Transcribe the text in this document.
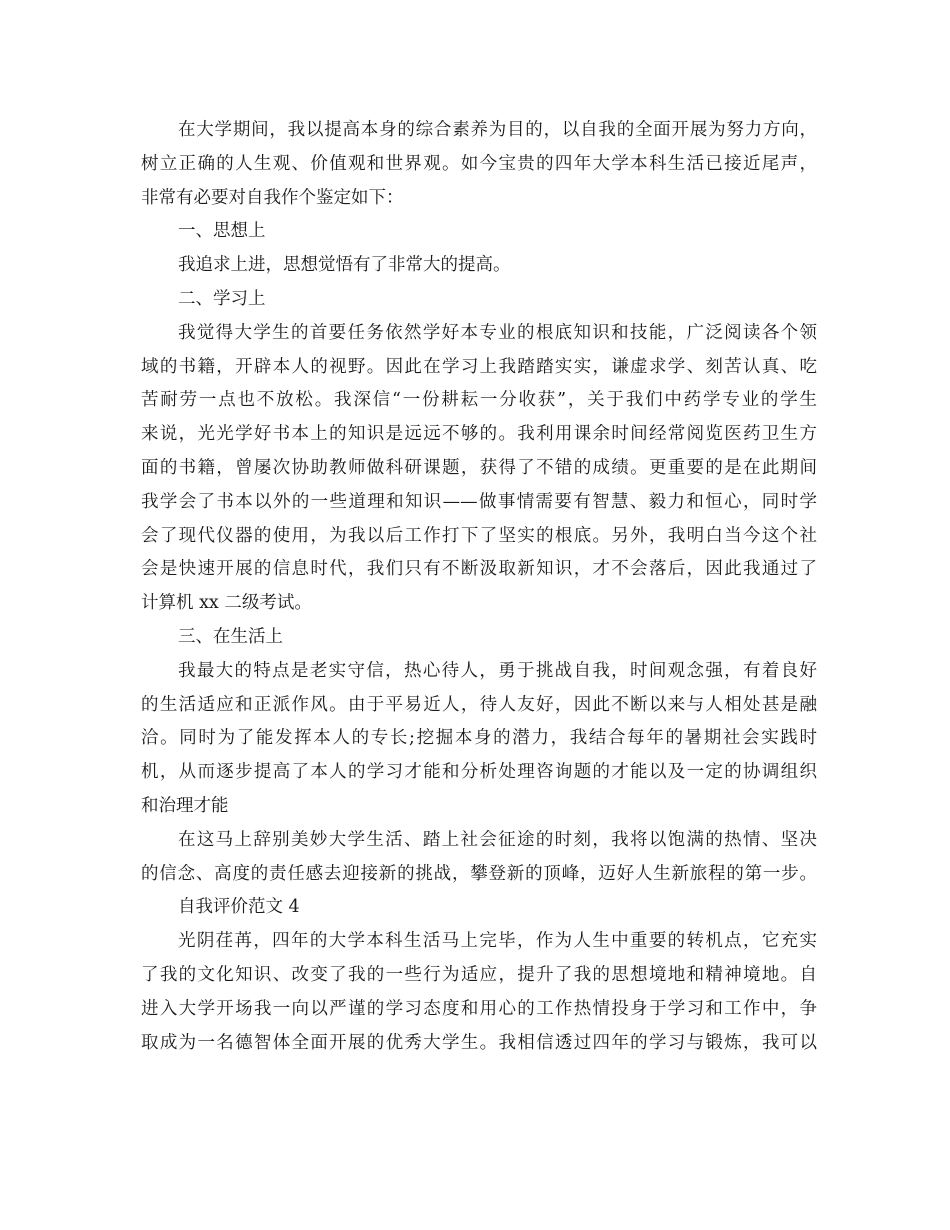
在大学期间，我以提高本身的综合素养为目的，以自我的全面开展为努力方向，
树立正确的人生观、价值观和世界观。如今宝贵的四年大学本科生活已接近尾声，
非常有必要对自我作个鉴定如下：
一、思想上
我追求上进，思想觉悟有了非常大的提高。
二、学习上
我觉得大学生的首要任务依然学好本专业的根底知识和技能，广泛阅读各个领
域的书籍，开辟本人的视野。因此在学习上我踏踏实实，谦虚求学、刻苦认真、吃
苦耐劳一点也不放松。我深信“一份耕耘一分收获”，关于我们中药学专业的学生
来说，光光学好书本上的知识是远远不够的。我利用课余时间经常阅览医药卫生方
面的书籍，曾屡次协助教师做科研课题，获得了不错的成绩。更重要的是在此期间
我学会了书本以外的一些道理和知识——做事情需要有智慧、毅力和恒心，同时学
会了现代仪器的使用，为我以后工作打下了坚实的根底。另外，我明白当今这个社
会是快速开展的信息时代，我们只有不断汲取新知识，才不会落后，因此我通过了
计算机 xx 二级考试。
三、在生活上
我最大的特点是老实守信，热心待人，勇于挑战自我，时间观念强，有着良好
的生活适应和正派作风。由于平易近人，待人友好，因此不断以来与人相处甚是融
洽。同时为了能发挥本人的专长;挖掘本身的潜力，我结合每年的暑期社会实践时
机，从而逐步提高了本人的学习才能和分析处理咨询题的才能以及一定的协调组织
和治理才能
在这马上辞别美妙大学生活、踏上社会征途的时刻，我将以饱满的热情、坚决
的信念、高度的责任感去迎接新的挑战，攀登新的顶峰，迈好人生新旅程的第一步。
自我评价范文 4
光阴荏苒，四年的大学本科生活马上完毕，作为人生中重要的转机点，它充实
了我的文化知识、改变了我的一些行为适应，提升了我的思想境地和精神境地。自
进入大学开场我一向以严谨的学习态度和用心的工作热情投身于学习和工作中，争
取成为一名德智体全面开展的优秀大学生。我相信透过四年的学习与锻炼，我可以
